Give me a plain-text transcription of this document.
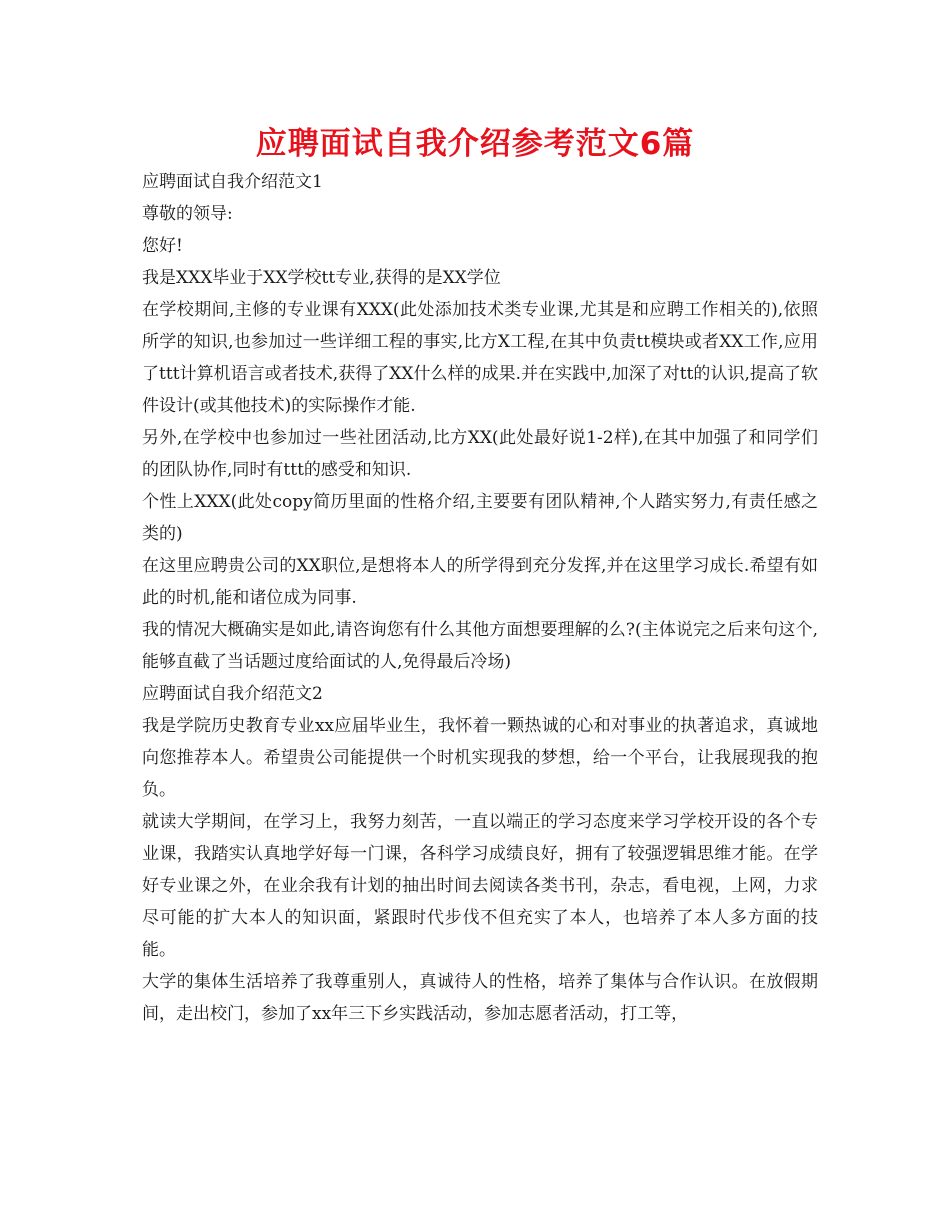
应聘面试自我介绍参考范文6篇
应聘面试自我介绍范文1
尊敬的领导:
您好!
我是XXX毕业于XX学校tt专业,获得的是XX学位
在学校期间,主修的专业课有XXX(此处添加技术类专业课,尤其是和应聘工作相关的),依照所学的知识,也参加过一些详细工程的事实,比方X工程,在其中负责tt模块或者XX工作,应用了ttt计算机语言或者技术,获得了XX什么样的成果.并在实践中,加深了对tt的认识,提高了软件设计(或其他技术)的实际操作才能.
另外,在学校中也参加过一些社团活动,比方XX(此处最好说1-2样),在其中加强了和同学们的团队协作,同时有ttt的感受和知识.
个性上XXX(此处copy简历里面的性格介绍,主要要有团队精神,个人踏实努力,有责任感之类的)
在这里应聘贵公司的XX职位,是想将本人的所学得到充分发挥,并在这里学习成长.希望有如此的时机,能和诸位成为同事.
我的情况大概确实是如此,请咨询您有什么其他方面想要理解的么?(主体说完之后来句这个,能够直截了当话题过度给面试的人,免得最后冷场)
应聘面试自我介绍范文2
我是学院历史教育专业xx应届毕业生，我怀着一颗热诚的心和对事业的执著追求，真诚地向您推荐本人。希望贵公司能提供一个时机实现我的梦想，给一个平台，让我展现我的抱负。
就读大学期间，在学习上，我努力刻苦，一直以端正的学习态度来学习学校开设的各个专业课，我踏实认真地学好每一门课，各科学习成绩良好，拥有了较强逻辑思维才能。在学好专业课之外，在业余我有计划的抽出时间去阅读各类书刊，杂志，看电视，上网，力求尽可能的扩大本人的知识面，紧跟时代步伐不但充实了本人，也培养了本人多方面的技能。
大学的集体生活培养了我尊重别人，真诚待人的性格，培养了集体与合作认识。在放假期间，走出校门，参加了xx年三下乡实践活动，参加志愿者活动，打工等，
